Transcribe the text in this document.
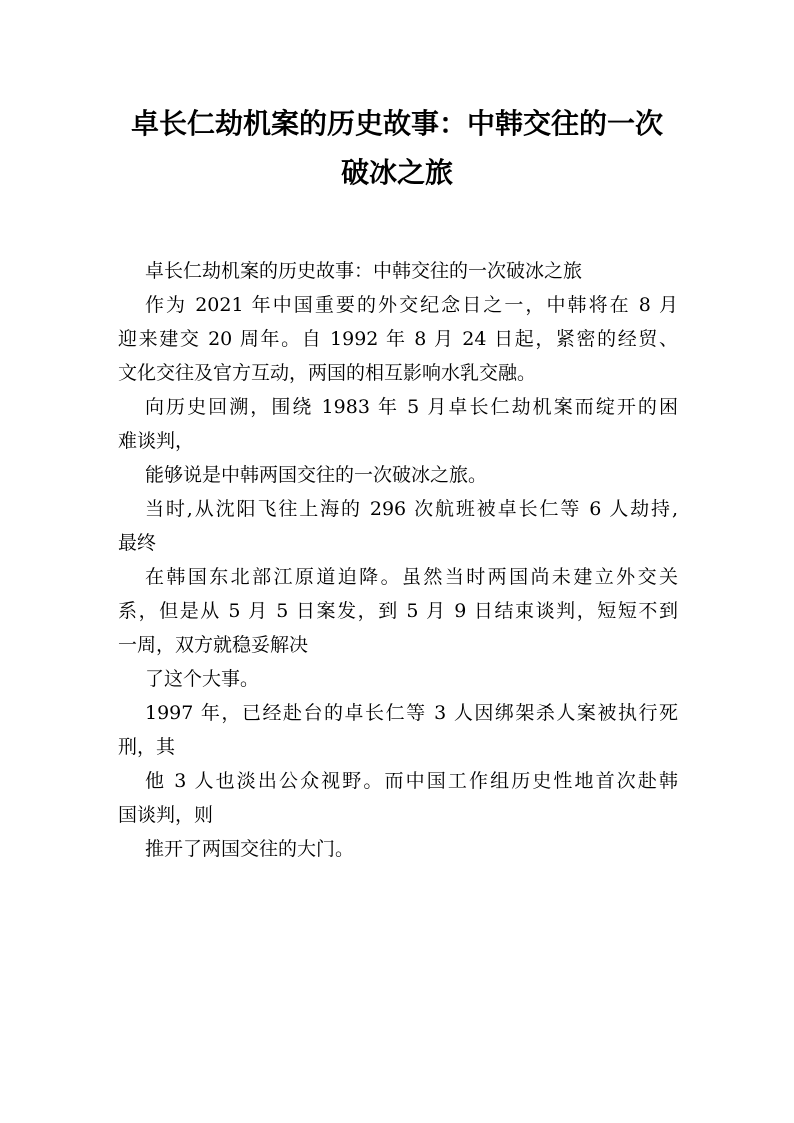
卓长仁劫机案的历史故事：中韩交往的一次
破冰之旅
卓长仁劫机案的历史故事：中韩交往的一次破冰之旅
作为 2021 年中国重要的外交纪念日之一，中韩将在 8 月
迎来建交 20 周年。自 1992 年 8 月 24 日起，紧密的经贸、
文化交往及官方互动，两国的相互影响水乳交融。
向历史回溯，围绕 1983 年 5 月卓长仁劫机案而绽开的困
难谈判，
能够说是中韩两国交往的一次破冰之旅。
当时,从沈阳飞往上海的 296 次航班被卓长仁等 6 人劫持,
最终
在韩国东北部江原道迫降。虽然当时两国尚未建立外交关
系，但是从 5 月 5 日案发，到 5 月 9 日结束谈判，短短不到
一周，双方就稳妥解决
了这个大事。
1997 年，已经赴台的卓长仁等 3 人因绑架杀人案被执行死
刑，其
他 3 人也淡出公众视野。而中国工作组历史性地首次赴韩
国谈判，则
推开了两国交往的大门。
